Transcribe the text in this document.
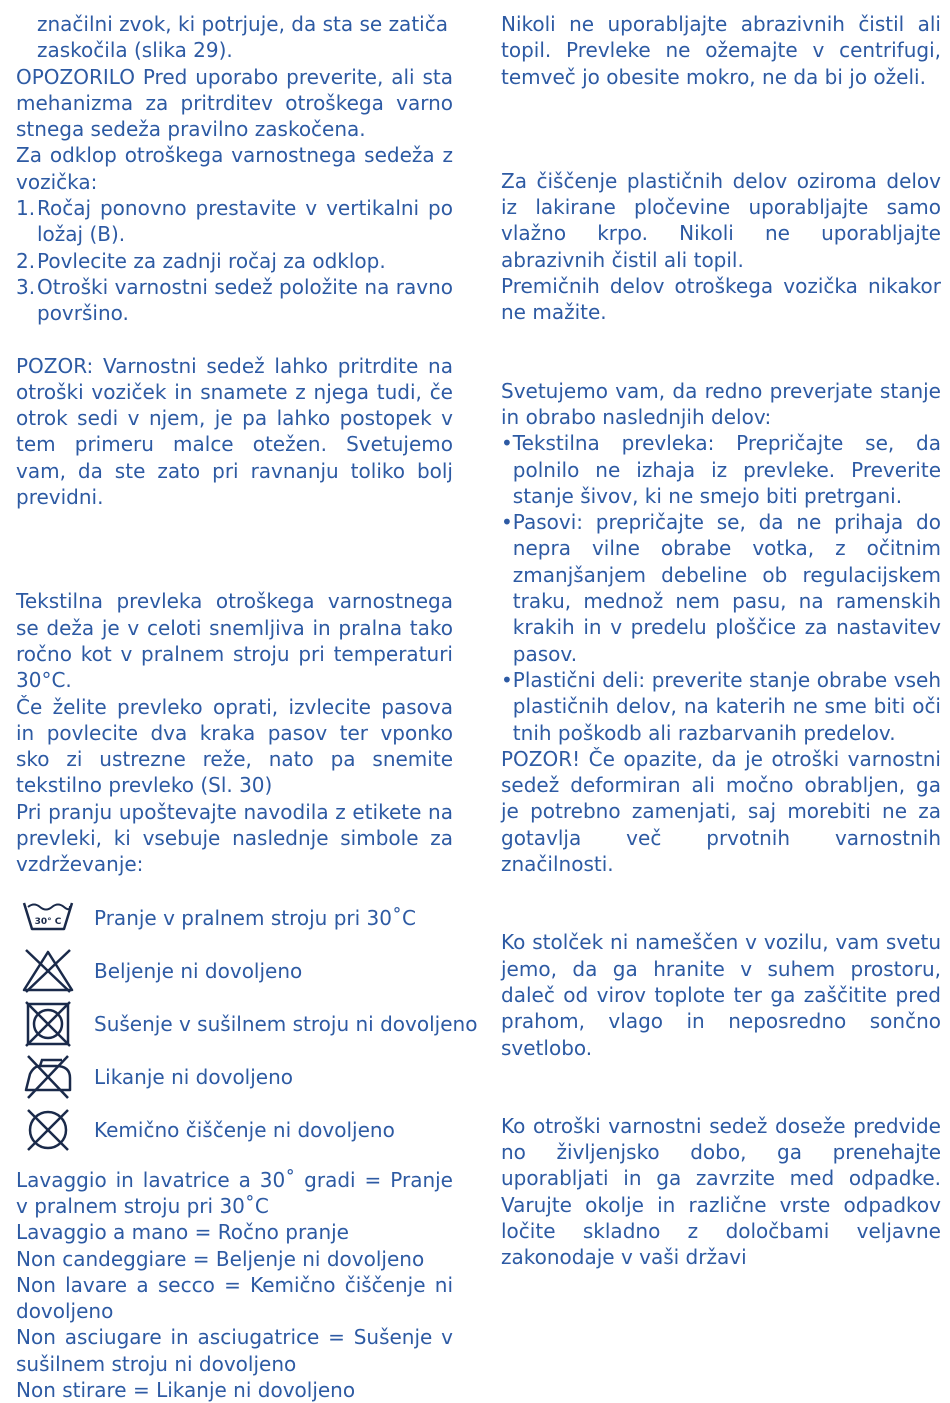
značilni zvok, ki potrjuje, da sta se zatiča
zaskočila (slika 29).

OPOZORILO Pred uporabo preverite, ali sta mehanizma za pritrditev otroškega varno stnega sedeža pravilno zaskočena.

Za odklop otroškega varnostnega sedeža z vozička:

1. Ročaj ponovno prestavite v vertikalni po ložaj (B).
2. Povlecite za zadnji ročaj za odklop.
3. Otroški varnostni sedež položite na ravno površino.

POZOR: Varnostni sedež lahko pritrdite na otroški voziček in snamete z njega tudi, če otrok sedi v njem, je pa lahko postopek v tem primeru malce otežen. Svetujemo vam, da ste zato pri ravnanju toliko bolj previdni.

Tekstilna prevleka otroškega varnostnega se deža je v celoti snemljiva in pralna tako ročno kot v pralnem stroju pri temperaturi 30°C.

Če želite prevleko oprati, izvlecite pasova in povlecite dva kraka pasov ter vponko sko zi ustrezne reže, nato pa snemite tekstilno prevleko (Sl. 30)

Pri pranju upoštevajte navodila z etikete na prevleki, ki vsebuje naslednje simbole za vzdrževanje:

30° C Pranje v pralnem stroju pri 30˚C
Beljenje ni dovoljeno
Sušenje v sušilnem stroju ni dovoljeno
Likanje ni dovoljeno
Kemično čiščenje ni dovoljeno

Lavaggio in lavatrice a 30˚ gradi = Pranje v pralnem stroju pri 30˚C

Lavaggio a mano = Ročno pranje

Non candeggiare = Beljenje ni dovoljeno

Non lavare a secco = Kemično čiščenje ni dovoljeno

Non asciugare in asciugatrice = Sušenje v sušilnem stroju ni dovoljeno

Non stirare = Likanje ni dovoljeno

Nikoli ne uporabljajte abrazivnih čistil ali topil. Prevleke ne ožemajte v centrifugi, temveč jo obesite mokro, ne da bi jo oželi.

Za čiščenje plastičnih delov oziroma delov iz lakirane pločevine uporabljajte samo vlažno krpo. Nikoli ne uporabljajte abrazivnih čistil ali topil.

Premičnih delov otroškega vozička nikakor ne mažite.

Svetujemo vam, da redno preverjate stanje in obrabo naslednjih delov:

• Tekstilna prevleka: Prepričajte se, da polnilo ne izhaja iz prevleke. Preverite stanje šivov, ki ne smejo biti pretrgani.
• Pasovi: prepričajte se, da ne prihaja do nepra vilne obrabe votka, z očitnim zmanjšanjem debeline ob regulacijskem traku, mednož nem pasu, na ramenskih krakih in v predelu ploščice za nastavitev pasov.
• Plastični deli: preverite stanje obrabe vseh plastičnih delov, na katerih ne sme biti oči tnih poškodb ali razbarvanih predelov.

POZOR! Če opazite, da je otroški varnostni sedež deformiran ali močno obrabljen, ga je potrebno zamenjati, saj morebiti ne za gotavlja več prvotnih varnostnih značilnosti.

Ko stolček ni nameščen v vozilu, vam svetu jemo, da ga hranite v suhem prostoru, daleč od virov toplote ter ga zaščitite pred prahom, vlago in neposredno sončno svetlobo.

Ko otroški varnostni sedež doseže predvide no življenjsko dobo, ga prenehajte uporabljati in ga zavrzite med odpadke. Varujte okolje in različne vrste odpadkov ločite skladno z določbami veljavne zakonodaje v vaši državi
